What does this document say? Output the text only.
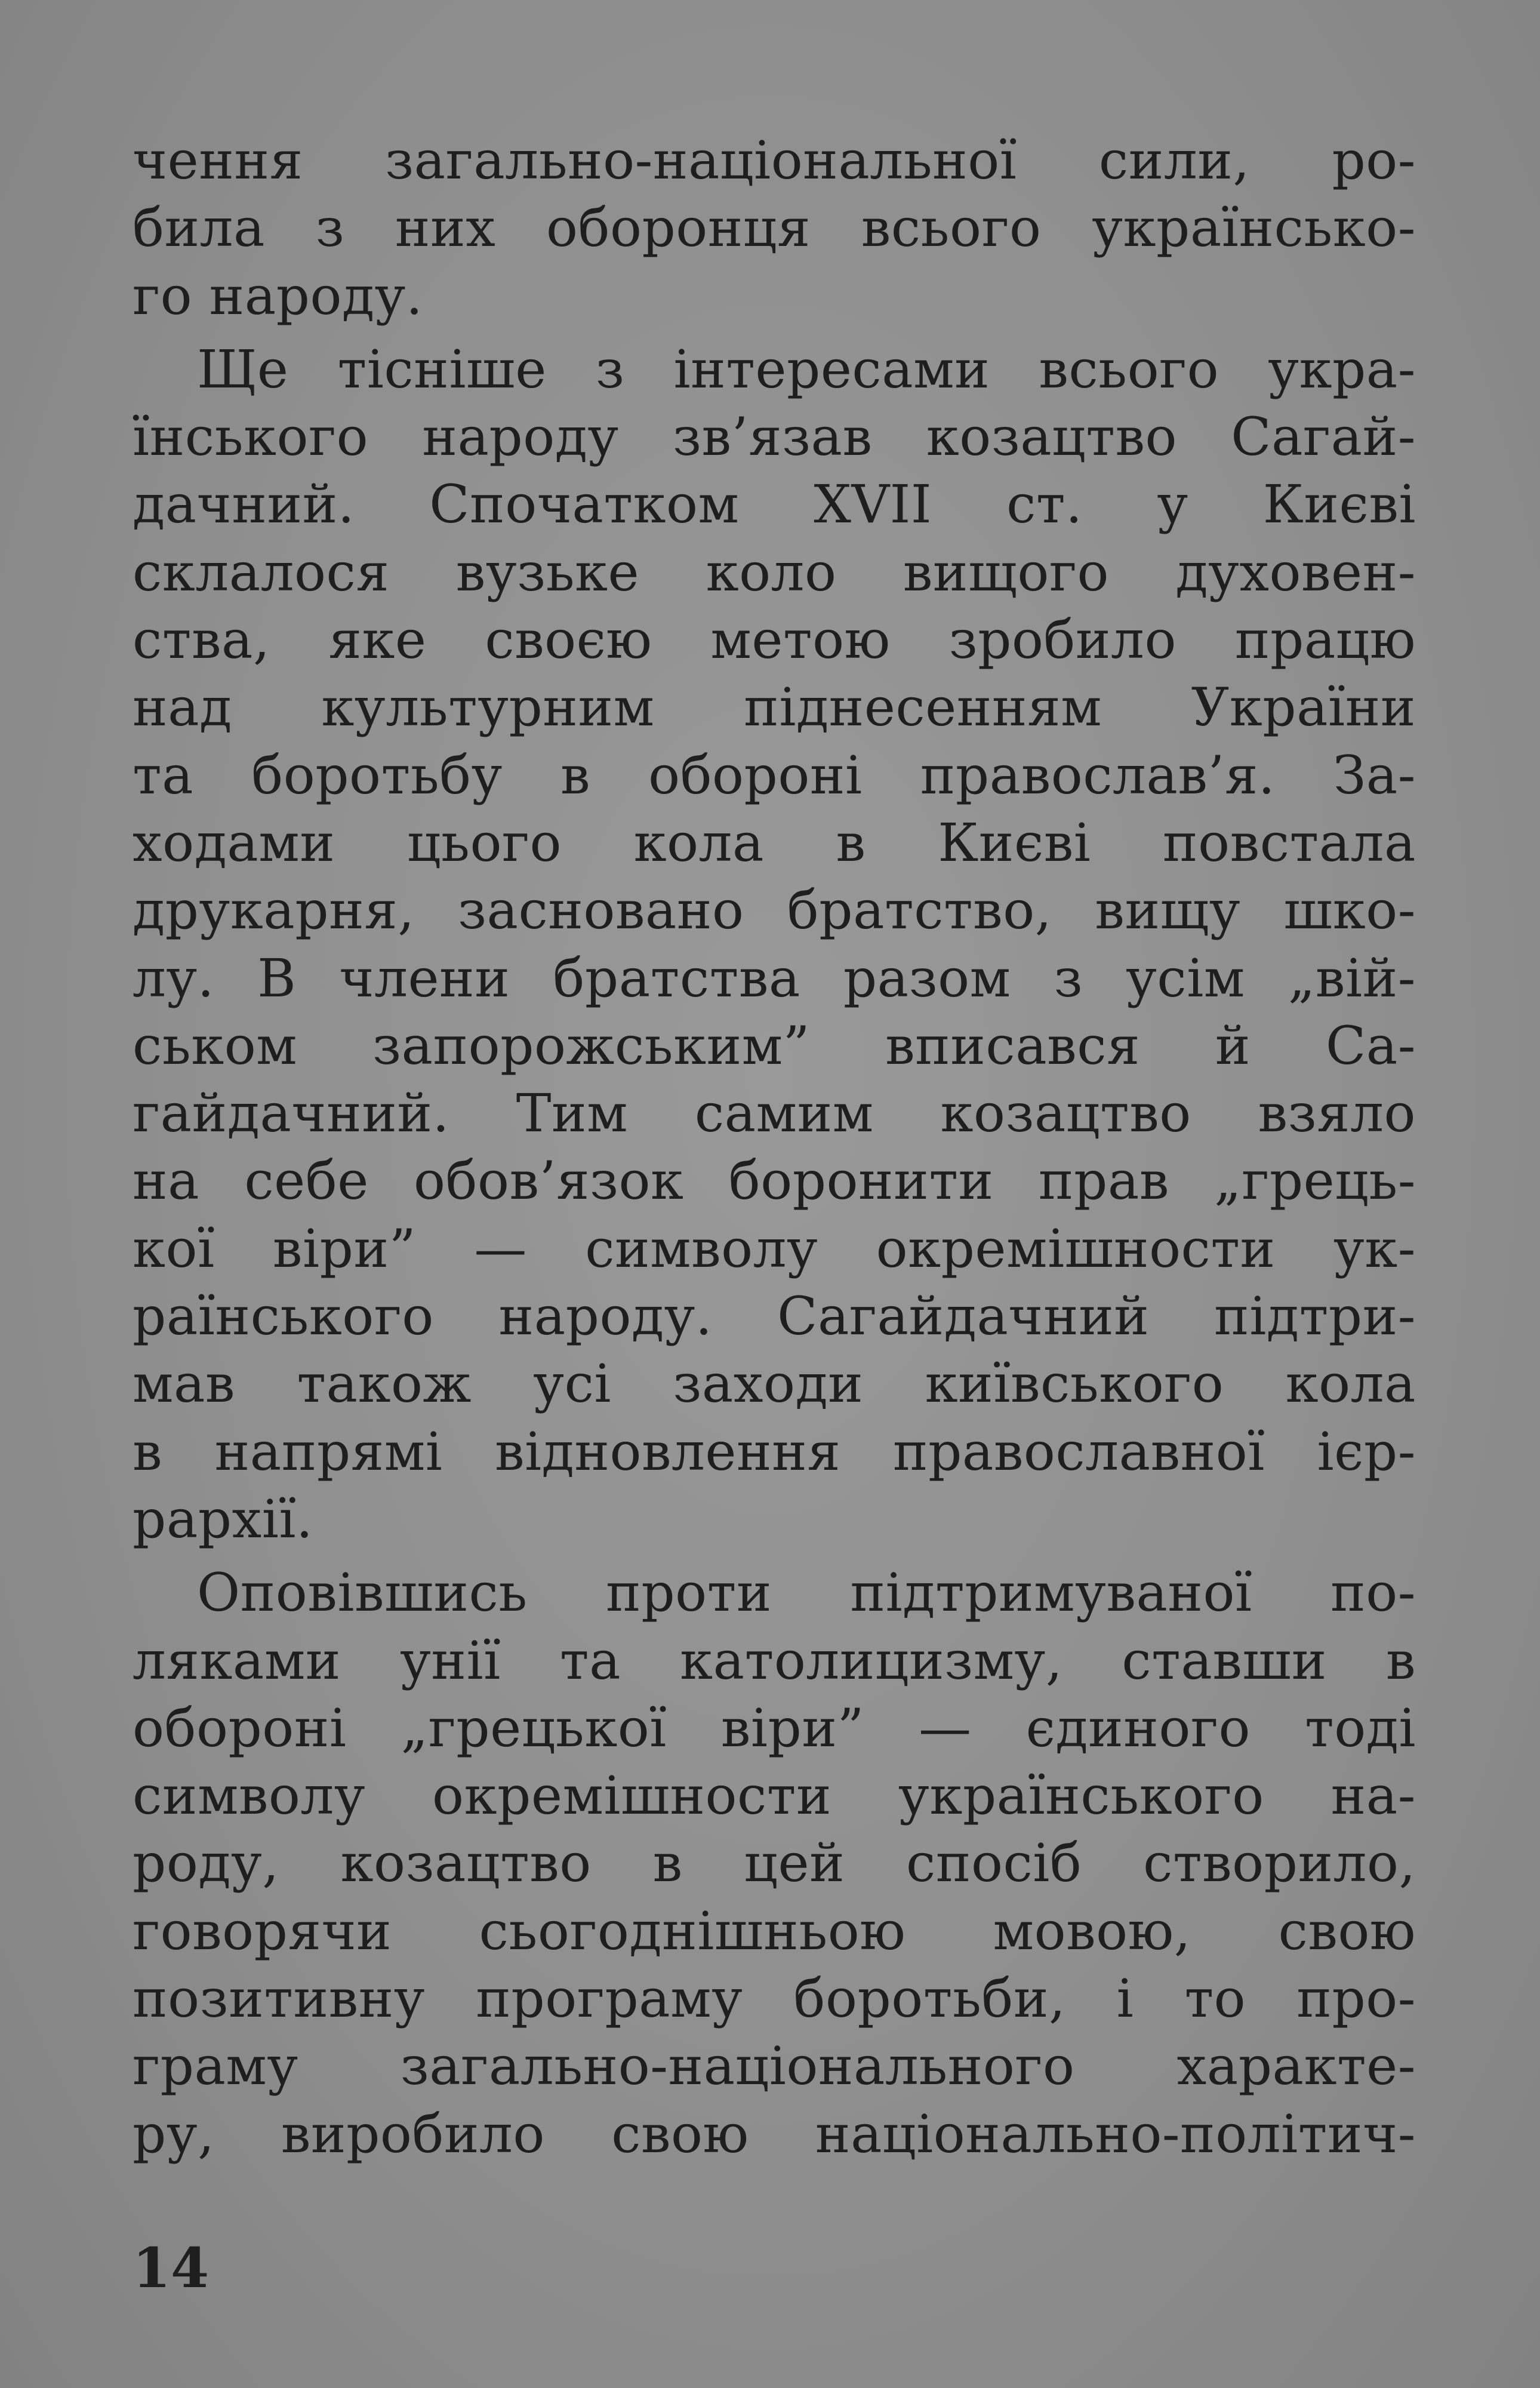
чення загально-національної сили, ро-
била з них оборонця всього українсько-
го народу.
Ще тісніше з інтересами всього укра-
їнського народу зв’язав козацтво Сагай-
дачний. Спочатком XVII ст. у Києві
склалося вузьке коло вищого духовен-
ства, яке своєю метою зробило працю
над культурним піднесенням України
та боротьбу в обороні православ’я. За-
ходами цього кола в Києві повстала
друкарня, засновано братство, вищу шко-
лу. В члени братства разом з усім „вій-
ськом запорожським” вписався й Са-
гайдачний. Тим самим козацтво взяло
на себе обов’язок боронити прав „грець-
кої віри” — символу окремішности ук-
раїнського народу. Сагайдачний підтри-
мав також усі заходи київського кола
в напрямі відновлення православної ієр-
рархії.
Оповівшись проти підтримуваної по-
ляками унії та католицизму, ставши в
обороні „грецької віри” — єдиного тоді
символу окремішности українського на-
роду, козацтво в цей спосіб створило,
говорячи сьогоднішньою мовою, свою
позитивну програму боротьби, і то про-
граму загально-національного характе-
ру, виробило свою національно-політич-
14
